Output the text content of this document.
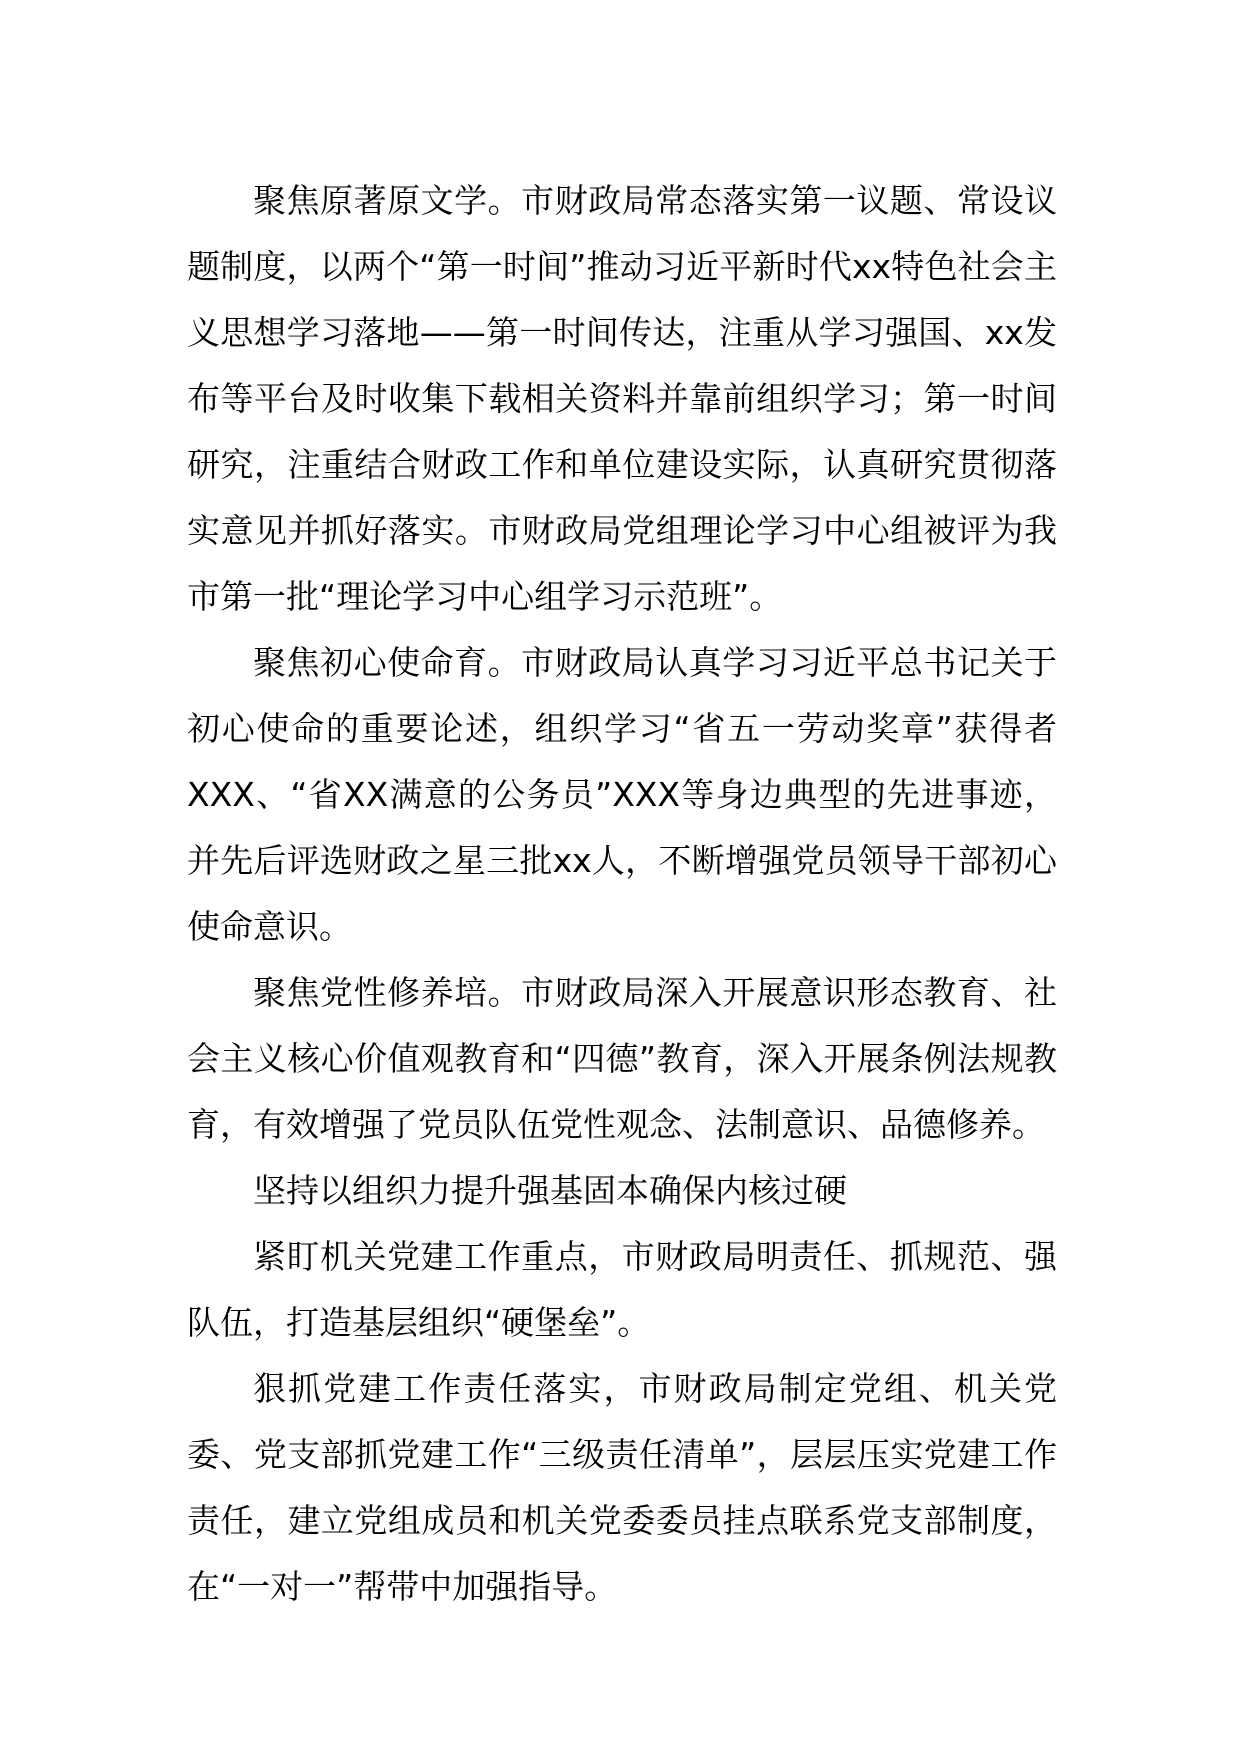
聚焦原著原文学。市财政局常态落实第一议题、常设议题制度，以两个“第一时间”推动习近平新时代xx特色社会主义思想学习落地——第一时间传达，注重从学习强国、xx发布等平台及时收集下载相关资料并靠前组织学习；第一时间研究，注重结合财政工作和单位建设实际，认真研究贯彻落实意见并抓好落实。市财政局党组理论学习中心组被评为我市第一批“理论学习中心组学习示范班”。

聚焦初心使命育。市财政局认真学习习近平总书记关于初心使命的重要论述，组织学习“省五一劳动奖章”获得者XXX、“省XX满意的公务员”XXX等身边典型的先进事迹，并先后评选财政之星三批xx人，不断增强党员领导干部初心使命意识。

聚焦党性修养培。市财政局深入开展意识形态教育、社会主义核心价值观教育和“四德”教育，深入开展条例法规教育，有效增强了党员队伍党性观念、法制意识、品德修养。

坚持以组织力提升强基固本确保内核过硬

紧盯机关党建工作重点，市财政局明责任、抓规范、强队伍，打造基层组织“硬堡垒”。

狠抓党建工作责任落实，市财政局制定党组、机关党委、党支部抓党建工作“三级责任清单”，层层压实党建工作责任，建立党组成员和机关党委委员挂点联系党支部制度，在“一对一”帮带中加强指导。
